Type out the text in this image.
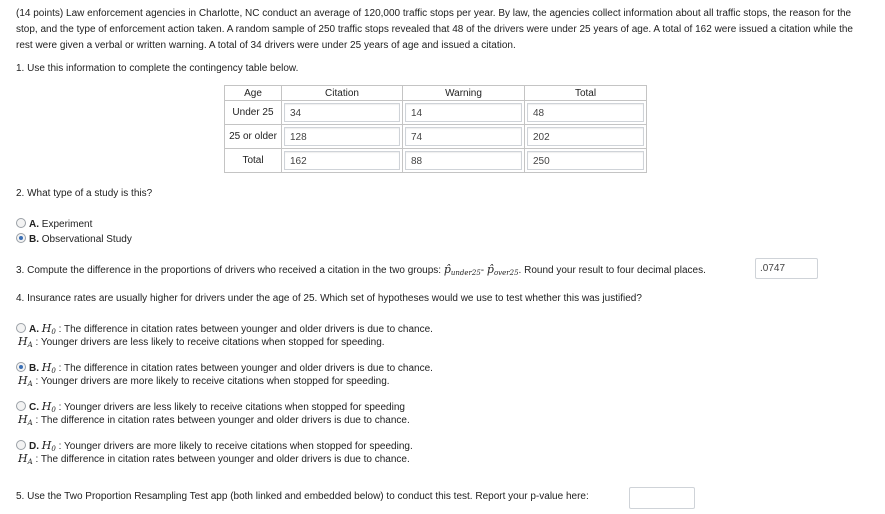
(14 points) Law enforcement agencies in Charlotte, NC conduct an average of 120,000 traffic stops per year. By law, the agencies collect information about all traffic stops, the reason for the stop, and the type of enforcement action taken. A random sample of 250 traffic stops revealed that 48 of the drivers were under 25 years of age. A total of 162 were issued a citation while the rest were given a verbal or written warning. A total of 34 drivers were under 25 years of age and issued a citation.
1. Use this information to complete the contingency table below.
Age	Citation	Warning	Total
Under 25	34	14	48

25 or older	128	74	202

Total	162	88	250
2. What type of a study is this?
A. Experiment
B. Observational Study
3. Compute the difference in the proportions of drivers who received a citation in the two groups: $p̂_{under25}-$ $p̂_{over25}$. Round your result to four decimal places.	.0747
4. Insurance rates are usually higher for drivers under the age of 25. Which set of hypotheses would we use to test whether this was justified?
A. $H_0$ : The difference in citation rates between younger and older drivers is due to chance.
$H_A$ : Younger drivers are less likely to receive citations when stopped for speeding.
B. $H_0$ : The difference in citation rates between younger and older drivers is due to chance.
$H_A$ : Younger drivers are more likely to receive citations when stopped for speeding.
C. $H_0$ : Younger drivers are less likely to receive citations when stopped for speeding
$H_A$ : The difference in citation rates between younger and older drivers is due to chance.
D. $H_0$ : Younger drivers are more likely to receive citations when stopped for speeding.
$H_A$ : The difference in citation rates between younger and older drivers is due to chance.
5. Use the Two Proportion Resampling Test app (both linked and embedded below) to conduct this test. Report your p-value here:
